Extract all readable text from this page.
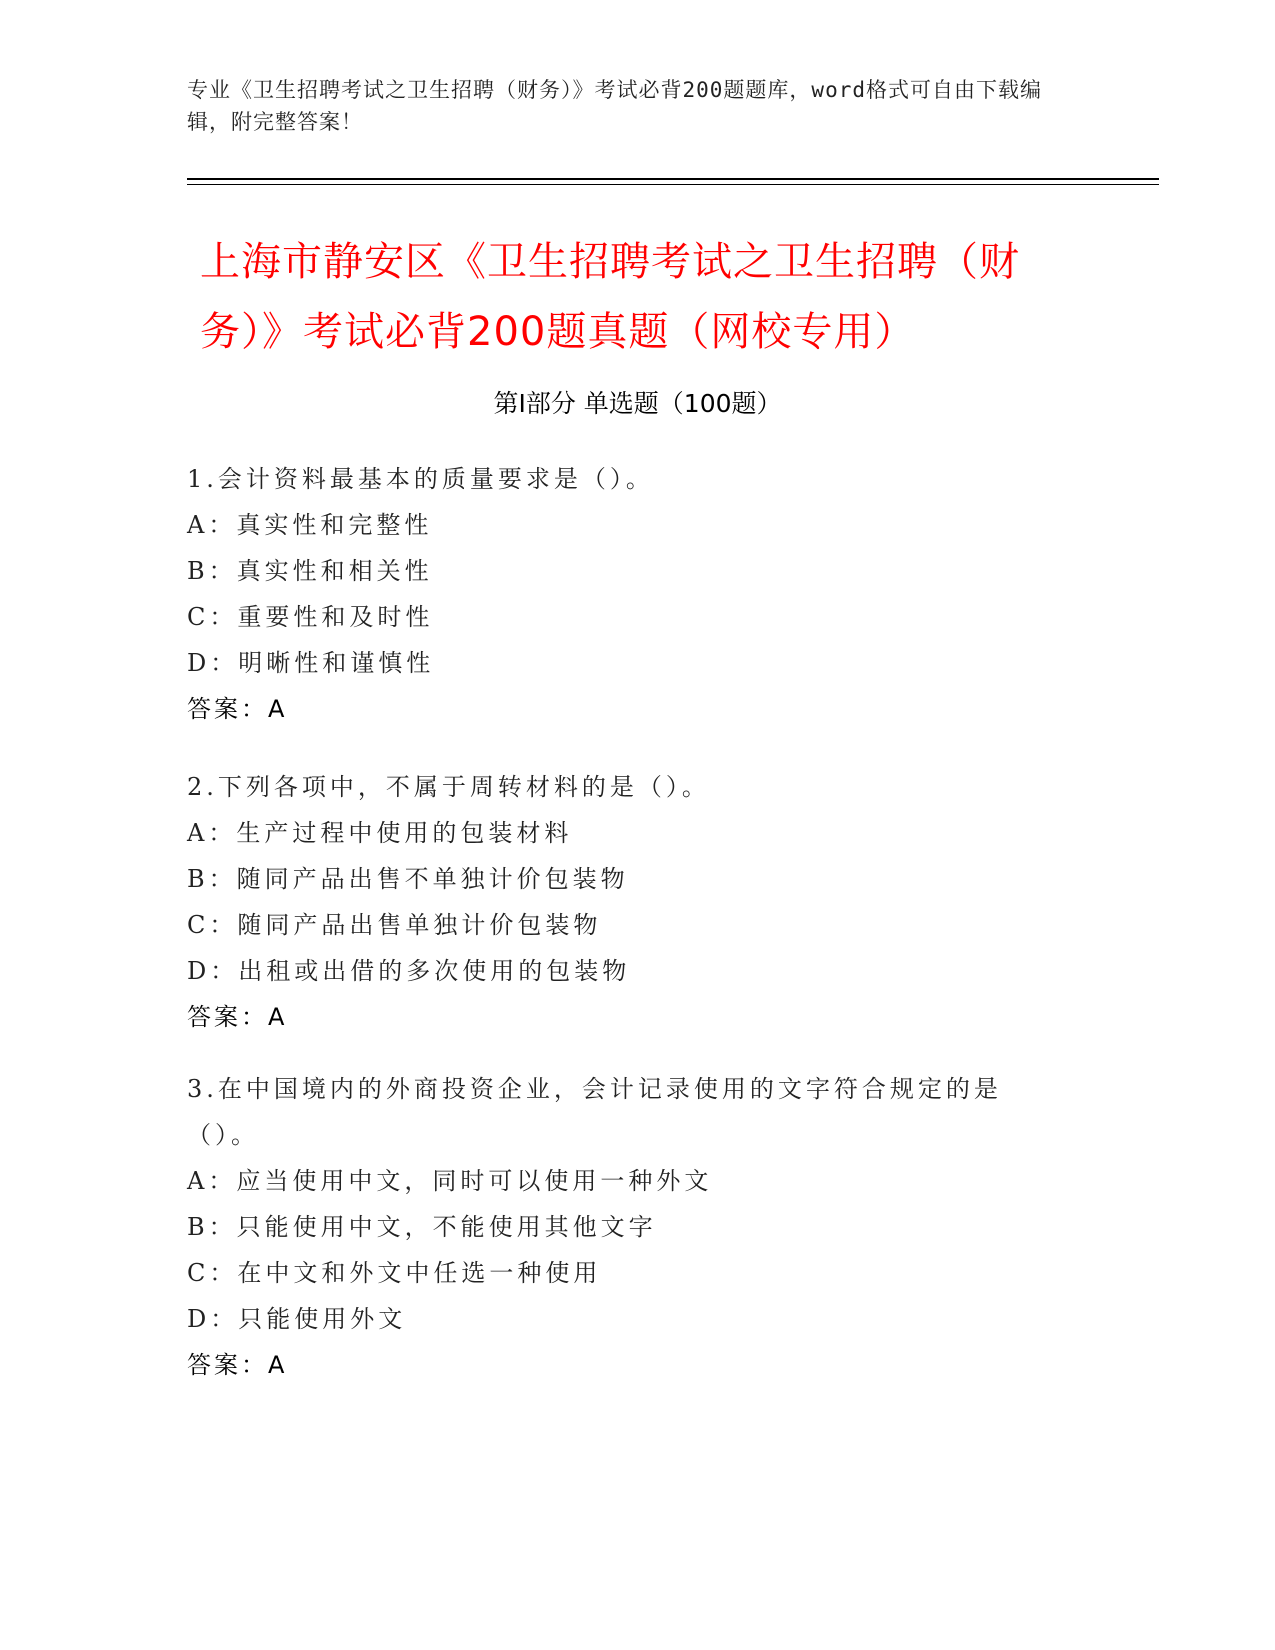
专业《卫生招聘考试之卫生招聘（财务）》考试必背200题题库，word格式可自由下载编辑，附完整答案！
上海市静安区《卫生招聘考试之卫生招聘（财务）》考试必背200题真题（网校专用）
第I部分 单选题（100题）
1.会计资料最基本的质量要求是（）。
A：真实性和完整性
B：真实性和相关性
C：重要性和及时性
D：明晰性和谨慎性
答案：A
2.下列各项中，不属于周转材料的是（）。
A：生产过程中使用的包装材料
B：随同产品出售不单独计价包装物
C：随同产品出售单独计价包装物
D：出租或出借的多次使用的包装物
答案：A
3.在中国境内的外商投资企业，会计记录使用的文字符合规定的是（）。
A：应当使用中文，同时可以使用一种外文
B：只能使用中文，不能使用其他文字
C：在中文和外文中任选一种使用
D：只能使用外文
答案：A
